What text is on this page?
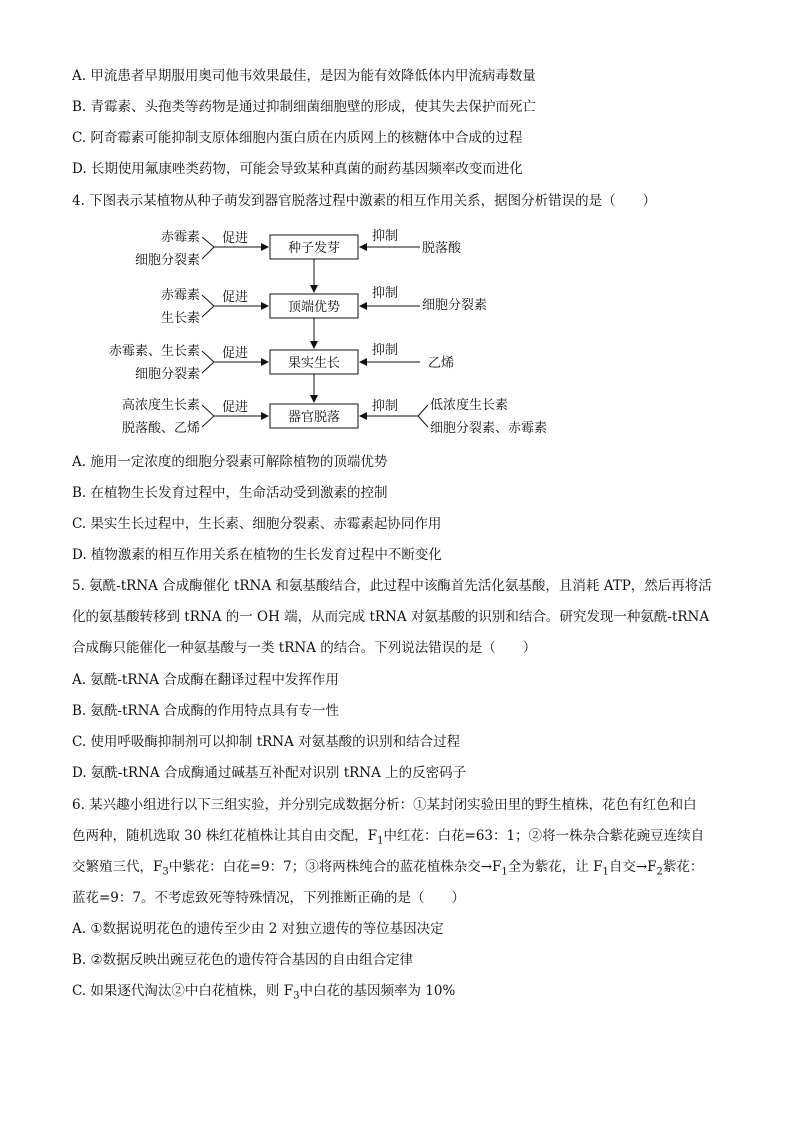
A. 甲流患者早期服用奥司他韦效果最佳，是因为能有效降低体内甲流病毒数量
B. 青霉素、头孢类等药物是通过抑制细菌细胞壁的形成，使其失去保护而死亡
C. 阿奇霉素可能抑制支原体细胞内蛋白质在内质网上的核糖体中合成的过程
D. 长期使用氟康唑类药物，可能会导致某种真菌的耐药基因频率改变而进化
4. 下图表示某植物从种子萌发到器官脱落过程中激素的相互作用关系，据图分析错误的是（　　）
种子发芽
顶端优势
果实生长
器官脱落
赤霉素
细胞分裂素
促进	抑制
脱落酸
赤霉素
生长素
促进	抑制
细胞分裂素
赤霉素、生长素
细胞分裂素
促进	抑制
乙烯
高浓度生长素
脱落酸、乙烯
促进	抑制 低浓度生长素
细胞分裂素、赤霉素
A. 施用一定浓度的细胞分裂素可解除植物的顶端优势
B. 在植物生长发育过程中，生命活动受到激素的控制
C. 果实生长过程中，生长素、细胞分裂素、赤霉素起协同作用
D. 植物激素的相互作用关系在植物的生长发育过程中不断变化
5. 氨酰-tRNA 合成酶催化 tRNA 和氨基酸结合，此过程中该酶首先活化氨基酸，且消耗 ATP，然后再将活
化的氨基酸转移到 tRNA 的一 OH 端，从而完成 tRNA 对氨基酸的识别和结合。研究发现一种氨酰-tRNA
合成酶只能催化一种氨基酸与一类 tRNA 的结合。下列说法错误的是（　　）
A. 氨酰-tRNA 合成酶在翻译过程中发挥作用
B. 氨酰-tRNA 合成酶的作用特点具有专一性
C. 使用呼吸酶抑制剂可以抑制 tRNA 对氨基酸的识别和结合过程
D. 氨酰-tRNA 合成酶通过碱基互补配对识别 tRNA 上的反密码子
6. 某兴趣小组进行以下三组实验，并分别完成数据分析：①某封闭实验田里的野生植株，花色有红色和白
色两种，随机选取 30 株红花植株让其自由交配，$F_1$中红花：白花=63：1；②将一株杂合紫花豌豆连续自
交繁殖三代，$F_3$中紫花：白花=9：7；③将两株纯合的蓝花植株杂交$\to F_1$全为紫花，让 $F_1$自交$\to F_2$紫花：
蓝花=9：7。不考虑致死等特殊情况，下列推断正确的是（　　）
A. ①数据说明花色的遗传至少由 2 对独立遗传的等位基因决定
B. ②数据反映出豌豆花色的遗传符合基因的自由组合定律
C. 如果逐代淘汰②中白花植株，则 $F_3$中白花的基因频率为 10%
